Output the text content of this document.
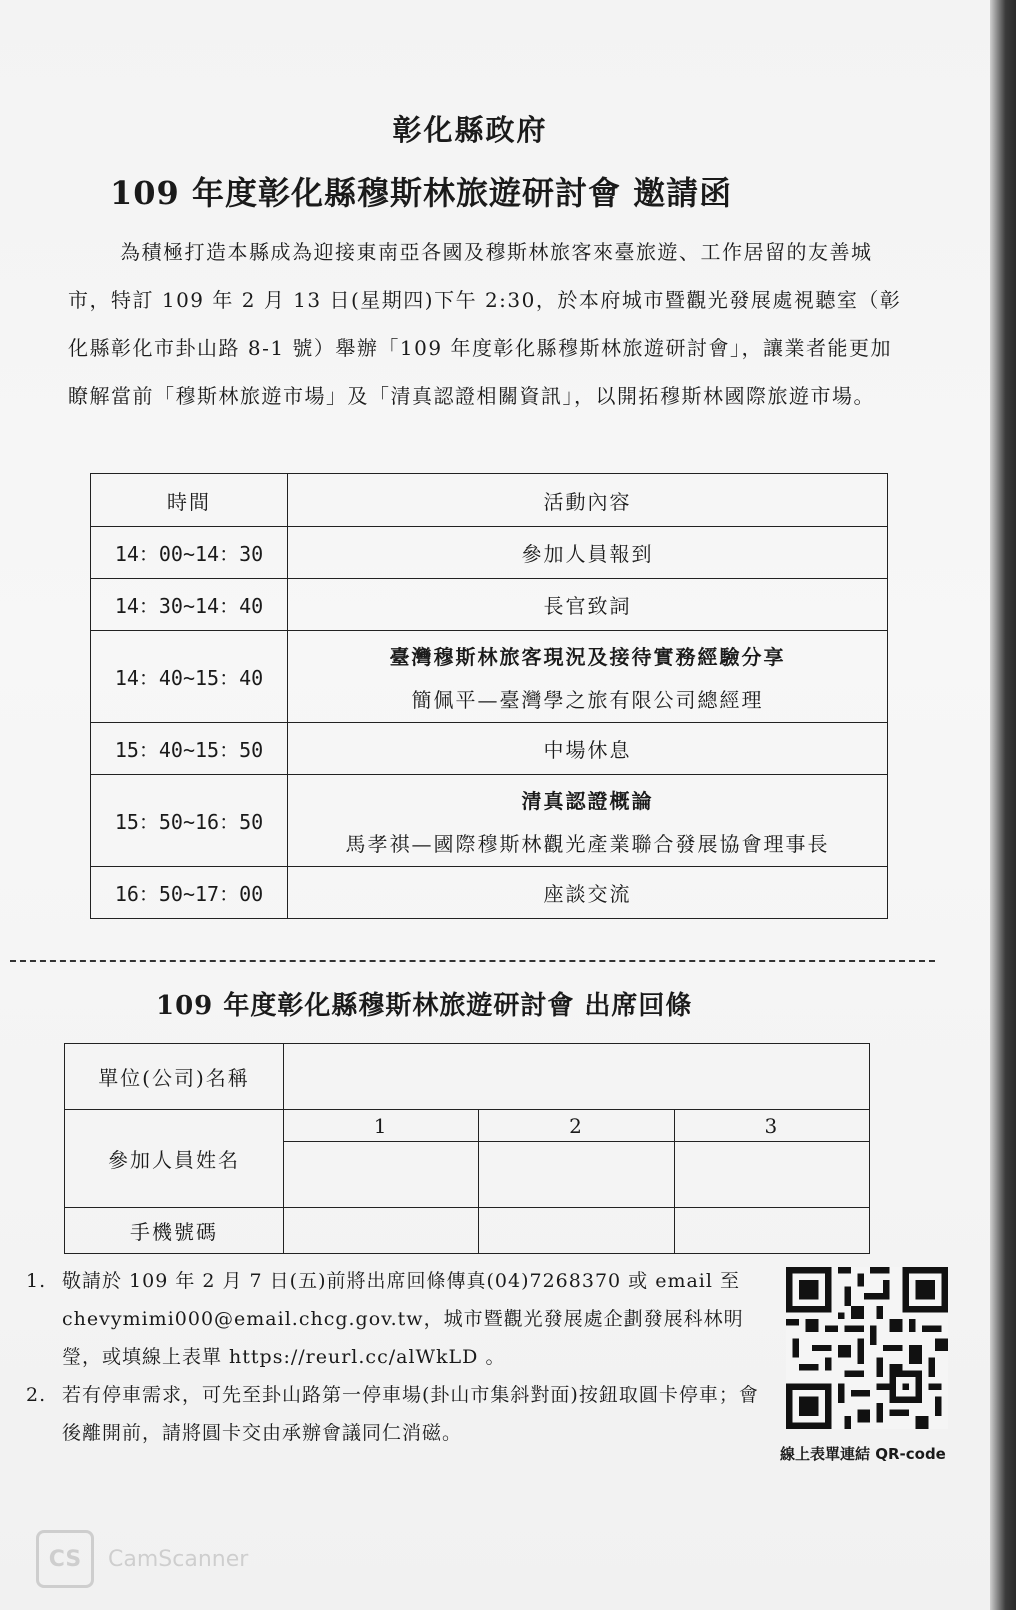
彰化縣政府
109 年度彰化縣穆斯林旅遊研討會 邀請函
為積極打造本縣成為迎接東南亞各國及穆斯林旅客來臺旅遊、工作居留的友善城市，特訂 109 年 2 月 13 日(星期四)下午 2:30，於本府城市暨觀光發展處視聽室（彰化縣彰化市卦山路 8-1 號）舉辦「109 年度彰化縣穆斯林旅遊研討會」，讓業者能更加瞭解當前「穆斯林旅遊市場」及「清真認證相關資訊」，以開拓穆斯林國際旅遊市場。
時間	活動內容
14：00~14：30	參加人員報到
14：30~14：40	長官致詞
14：40~15：40	臺灣穆斯林旅客現況及接待實務經驗分享
簡佩平—臺灣學之旅有限公司總經理
15：40~15：50	中場休息
15：50~16：50	清真認證概論
馬孝祺—國際穆斯林觀光產業聯合發展協會理事長
16：50~17：00	座談交流
109 年度彰化縣穆斯林旅遊研討會 出席回條
單位(公司)名稱			
參加人員姓名	1	2	3

手機號碼			
1. 敬請於 109 年 2 月 7 日(五)前將出席回條傳真(04)7268370 或 email 至 chevymimi000@email.chcg.gov.tw，城市暨觀光發展處企劃發展科林明瑩，或填線上表單 https://reurl.cc/alWkLD 。
2. 若有停車需求，可先至卦山路第一停車場(卦山市集斜對面)按鈕取圓卡停車；會後離開前，請將圓卡交由承辦會議同仁消磁。
線上表單連結 QR-code
CS	CamScanner
